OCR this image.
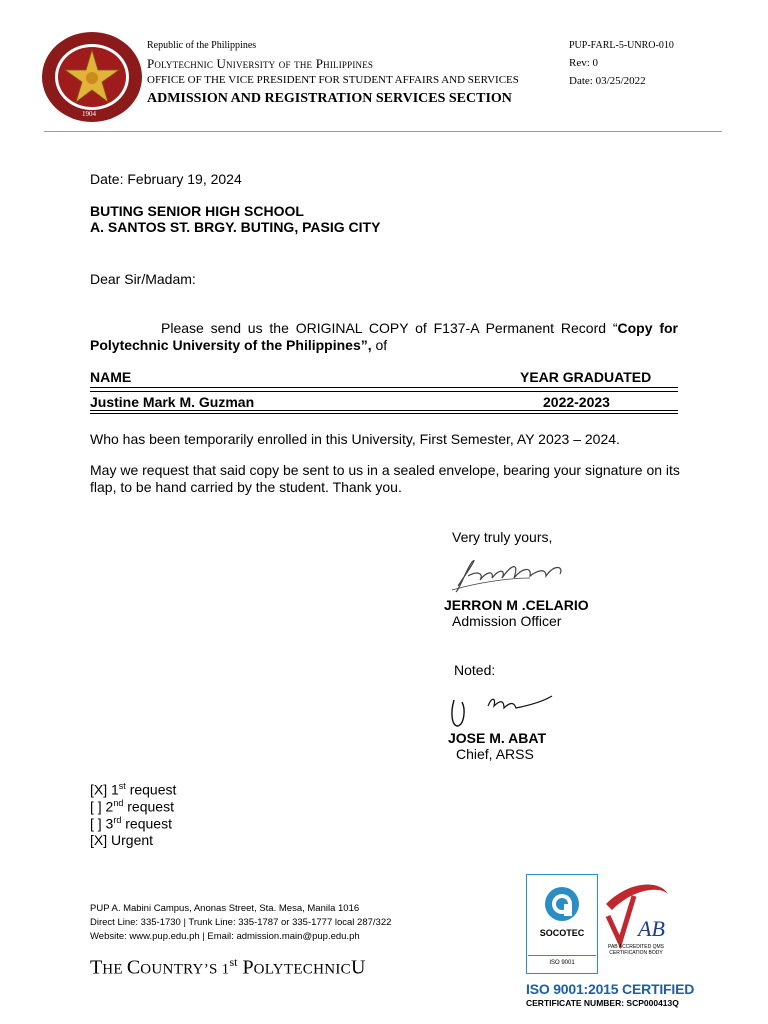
1904
Republic of the Philippines
Polytechnic University of the Philippines
OFFICE OF THE VICE PRESIDENT FOR STUDENT AFFAIRS AND SERVICES
ADMISSION AND REGISTRATION SERVICES SECTION
PUP-FARL-5-UNRO-010
Rev: 0
Date: 03/25/2022
Date: February 19, 2024
BUTING SENIOR HIGH SCHOOL
A. SANTOS ST. BRGY. BUTING, PASIG CITY
Dear Sir/Madam:
Please send us the ORIGINAL COPY of F137-A Permanent Record “Copy for Polytechnic University of the Philippines”, of
NAME	YEAR GRADUATED
Justine Mark M. Guzman	2022-2023
Who has been temporarily enrolled in this University, First Semester, AY 2023 – 2024.
May we request that said copy be sent to us in a sealed envelope, bearing your signature on its flap, to be hand carried by the student. Thank you.
Very truly yours,
JERRON M .CELARIO
Admission Officer
Noted:
JOSE M. ABAT
Chief, ARSS
[X] 1st request
[ ] 2nd request
[ ] 3rd request
[X] Urgent
PUP A. Mabini Campus, Anonas Street, Sta. Mesa, Manila 1016
Direct Line: 335-1730 | Trunk Line: 335-1787 or 335-1777 local 287/322
Website: www.pup.edu.ph | Email: admission.main@pup.edu.ph
THE COUNTRY’S 1st POLYTECHNICU
SOCOTEC
ISO 9001
AB
PAB ACCREDITED QMS CERTIFICATION BODY
ISO 9001:2015 CERTIFIED
CERTIFICATE NUMBER: SCP000413Q
